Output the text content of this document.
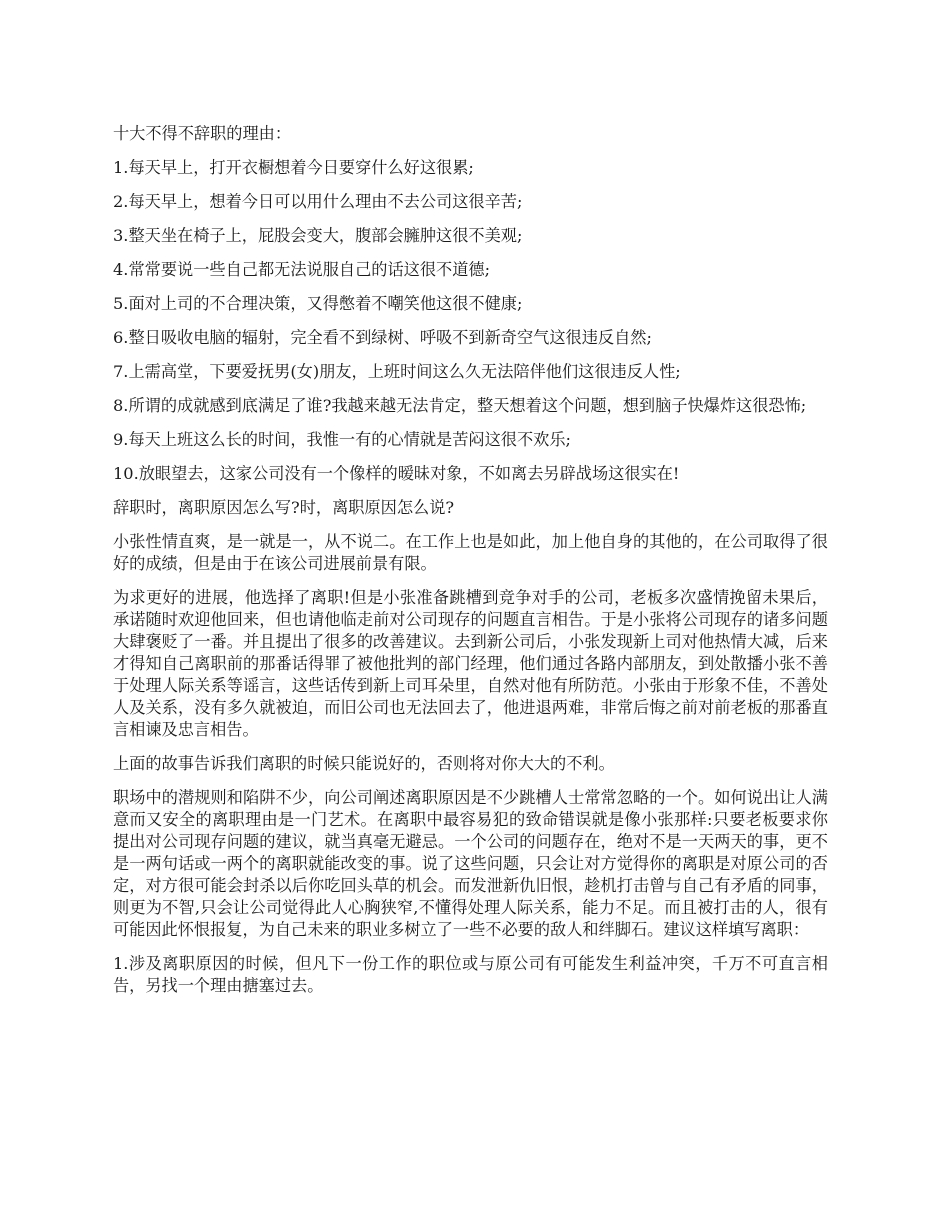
十大不得不辞职的理由：

1.每天早上，打开衣橱想着今日要穿什么好这很累;

2.每天早上，想着今日可以用什么理由不去公司这很辛苦;

3.整天坐在椅子上，屁股会变大，腹部会臃肿这很不美观;

4.常常要说一些自己都无法说服自己的话这很不道德;

5.面对上司的不合理决策，又得憋着不嘲笑他这很不健康;

6.整日吸收电脑的辐射，完全看不到绿树、呼吸不到新奇空气这很违反自然;

7.上需高堂，下要爱抚男(女)朋友，上班时间这么久无法陪伴他们这很违反人性;

8.所谓的成就感到底满足了谁?我越来越无法肯定，整天想着这个问题，想到脑子快爆炸这很恐怖;

9.每天上班这么长的时间，我惟一有的心情就是苦闷这很不欢乐;

10.放眼望去，这家公司没有一个像样的暧昧对象，不如离去另辟战场这很实在!

辞职时，离职原因怎么写?时，离职原因怎么说?

小张性情直爽，是一就是一，从不说二。在工作上也是如此，加上他自身的其他的，在公司取得了很好的成绩，但是由于在该公司进展前景有限。

为求更好的进展，他选择了离职!但是小张准备跳槽到竞争对手的公司，老板多次盛情挽留未果后，承诺随时欢迎他回来，但也请他临走前对公司现存的问题直言相告。于是小张将公司现存的诸多问题大肆褒贬了一番。并且提出了很多的改善建议。去到新公司后，小张发现新上司对他热情大减，后来才得知自己离职前的那番话得罪了被他批判的部门经理，他们通过各路内部朋友，到处散播小张不善于处理人际关系等谣言，这些话传到新上司耳朵里，自然对他有所防范。小张由于形象不佳，不善处人及关系，没有多久就被迫，而旧公司也无法回去了，他进退两难，非常后悔之前对前老板的那番直言相谏及忠言相告。

上面的故事告诉我们离职的时候只能说好的，否则将对你大大的不利。

职场中的潜规则和陷阱不少，向公司阐述离职原因是不少跳槽人士常常忽略的一个。如何说出让人满意而又安全的离职理由是一门艺术。在离职中最容易犯的致命错误就是像小张那样:只要老板要求你提出对公司现存问题的建议，就当真毫无避忌。一个公司的问题存在，绝对不是一天两天的事，更不是一两句话或一两个的离职就能改变的事。说了这些问题，只会让对方觉得你的离职是对原公司的否定，对方很可能会封杀以后你吃回头草的机会。而发泄新仇旧恨，趁机打击曾与自己有矛盾的同事，则更为不智,只会让公司觉得此人心胸狭窄,不懂得处理人际关系，能力不足。而且被打击的人，很有可能因此怀恨报复，为自己未来的职业多树立了一些不必要的敌人和绊脚石。建议这样填写离职：

1.涉及离职原因的时候，但凡下一份工作的职位或与原公司有可能发生利益冲突，千万不可直言相告，另找一个理由搪塞过去。
